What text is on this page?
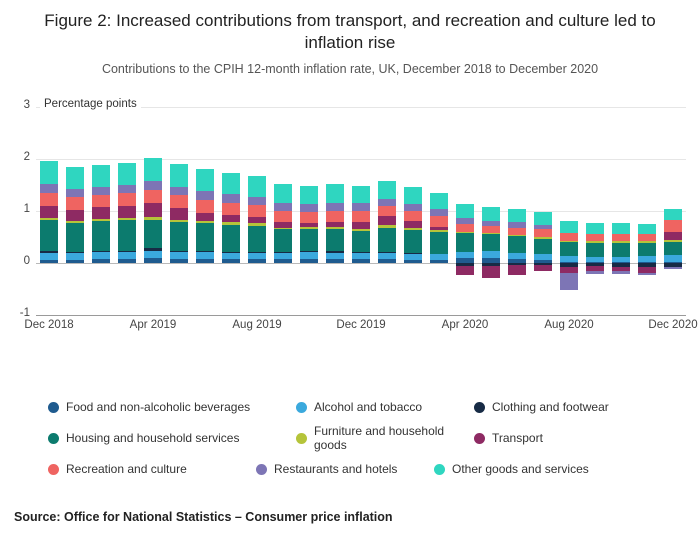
Figure 2: Increased contributions from transport, and recreation and culture led to inflation rise
Contributions to the CPIH 12-month inflation rate, UK, December 2018 to December 2020
Percentage points
-1
0
1
2
3
Dec 2018	Apr 2019	Aug 2019	Dec 2019	Apr 2020	Aug 2020	Dec 2020
Food and non-alcoholic beverages	Alcohol and tobacco	Clothing and footwear
Housing and household services	Furniture and household goods	Transport
Recreation and culture	Restaurants and hotels	Other goods and services
Source: Office for National Statistics – Consumer price inflation
